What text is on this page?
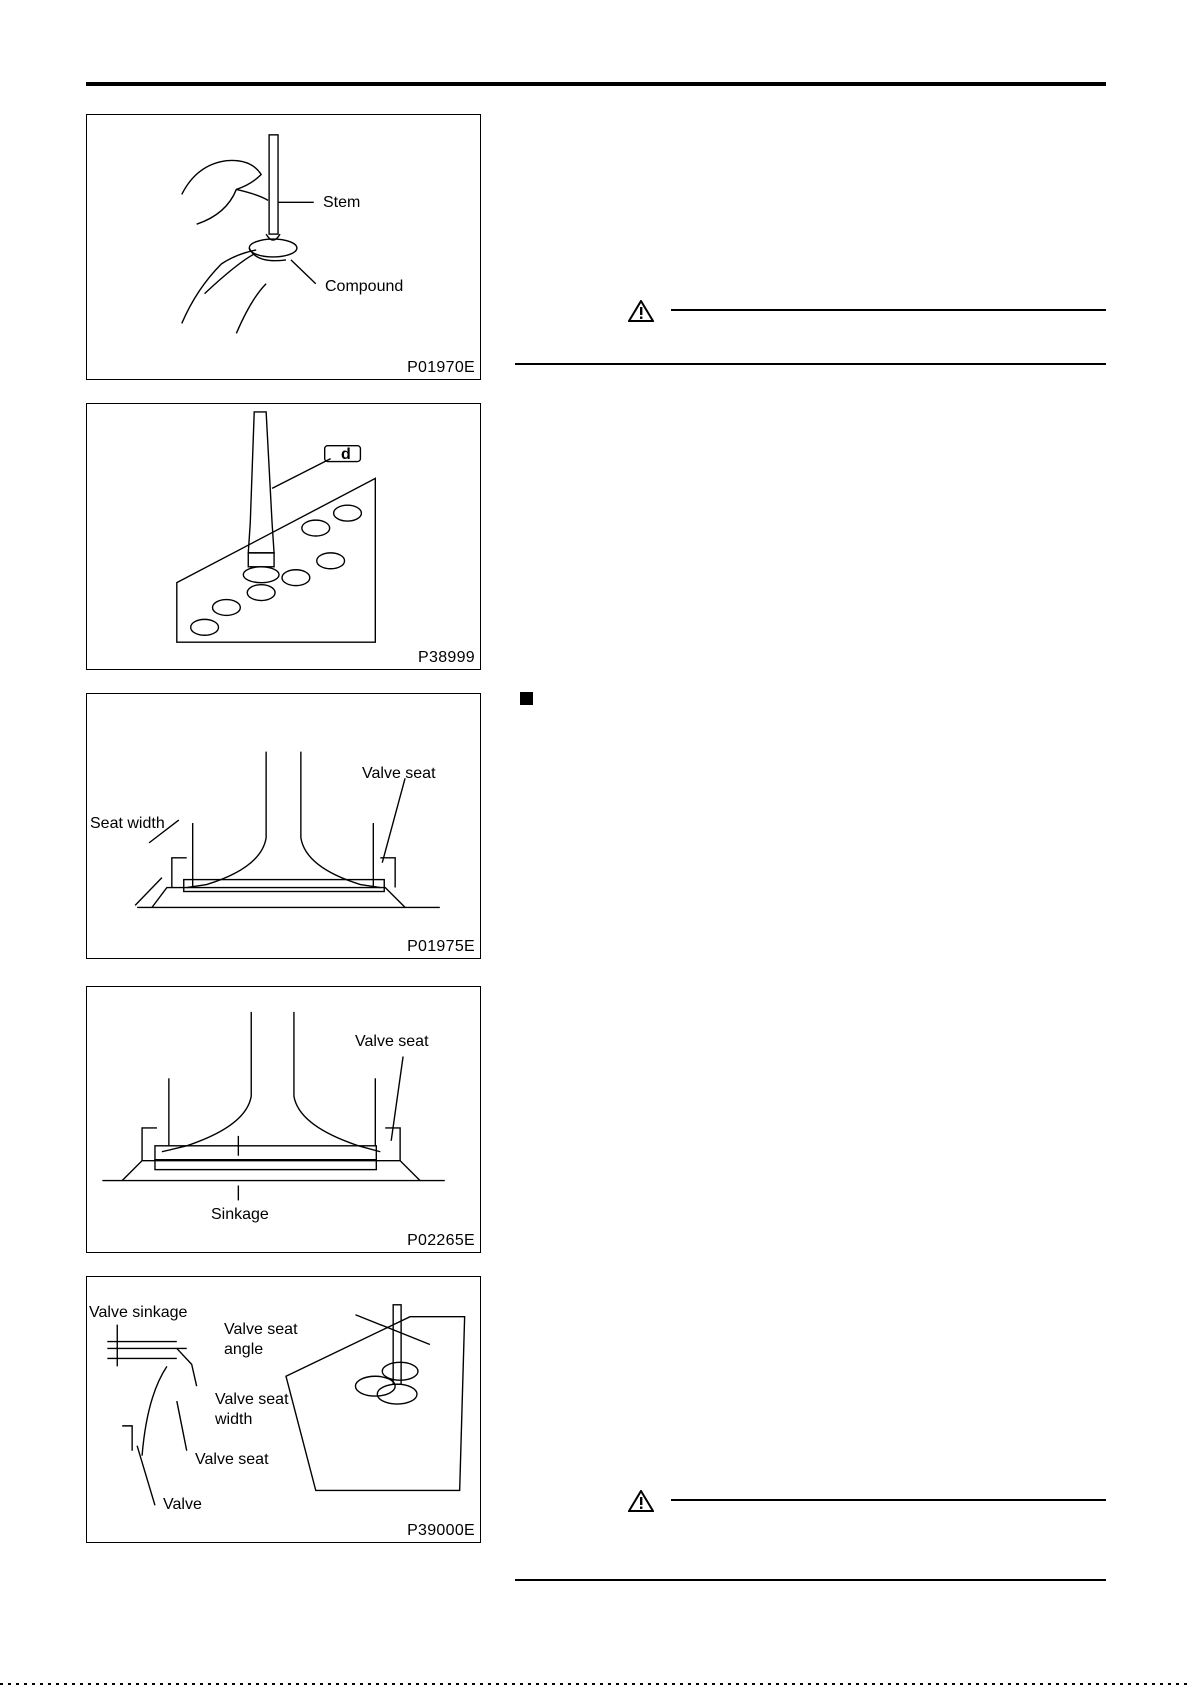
Stem
Compound
P01970E
d
P38999
Valve seat
Seat width
P01975E
Valve seat
Sinkage
P02265E
Valve sinkage
Valve seat
angle
Valve seat
width
Valve seat
Valve
P39000E
